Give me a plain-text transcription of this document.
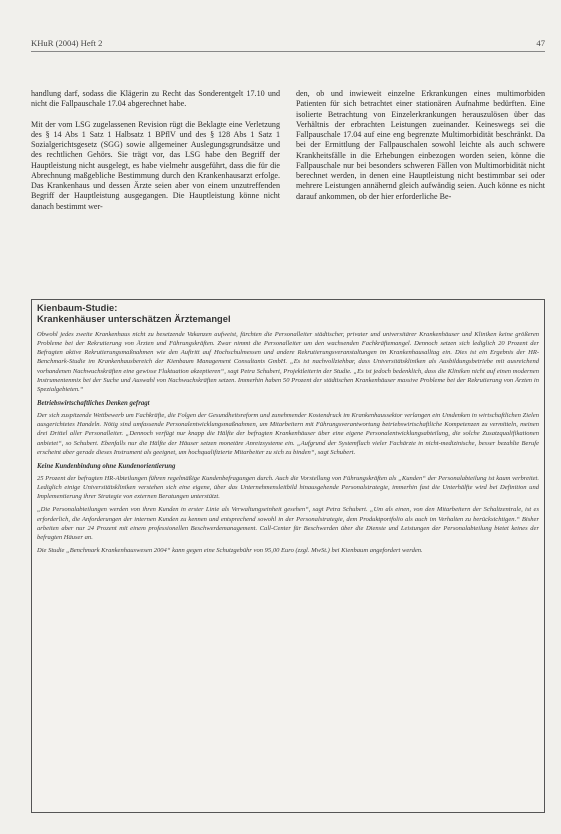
KHuR (2004) Heft 2	47

handlung darf, sodass die Klägerin zu Recht das Sonderentgelt 17.10 und nicht die Fallpauschale 17.04 abgerechnet habe.

Mit der vom LSG zugelassenen Revision rügt die Beklagte eine Verletzung des § 14 Abs 1 Satz 1 Halbsatz 1 BPflV und des § 128 Abs 1 Satz 1 Sozialgerichtsgesetz (SGG) sowie allgemeiner Auslegungsgrundsätze und des rechtlichen Gehörs. Sie trägt vor, das LSG habe den Begriff der Hauptleistung nicht ausgelegt, es habe vielmehr ausgeführt, dass die für die Abrechnung maßgebliche Bestimmung durch den Krankenhausarzt erfolge. Das Krankenhaus und dessen Ärzte seien aber von einem unzutreffenden Begriff der Hauptleistung ausgegangen. Die Hauptleistung könne nicht danach bestimmt wer-

den, ob und inwieweit einzelne Erkrankungen eines multimorbiden Patienten für sich betrachtet einer stationären Aufnahme bedürften. Eine isolierte Betrachtung von Einzelerkrankungen herauszulösen über das Verhältnis der erbrachten Leistungen zueinander. Keineswegs sei die Fallpauschale 17.04 auf eine eng begrenzte Multimorbidität beschränkt. Da bei der Ermittlung der Fallpauschalen sowohl leichte als auch schwere Krankheitsfälle in die Erhebungen einbezogen worden seien, könne die Fallpauschale nur bei besonders schweren Fällen von Multimorbidität nicht berechnet werden, in denen eine Hauptleistung nicht bestimmbar sei oder mehrere Leistungen annähernd gleich aufwändig seien. Auch könne es nicht darauf ankommen, ob der hier erforderliche Be-

Kienbaum-Studie:
Krankenhäuser unterschätzen Ärztemangel

Obwohl jedes zweite Krankenhaus nicht zu besetzende Vakanzen aufweist, fürchten die Personalleiter städtischer, privater und universitärer Krankenhäuser und Kliniken keine größeren Probleme bei der Rekrutierung von Ärzten und Führungskräften. Zwar nimmt die Personalleiter um den wachsenden Fachkräftemangel. Dennoch setzen sich lediglich 20 Prozent der Befragten aktive Rekrutierungsmaßnahmen wie den Auftritt auf Hochschulmessen und andere Rekrutierungsveranstaltungen im Krankenhausalltag ein. Dies ist ein Ergebnis der HR-Benchmark-Studie im Krankenhausbereich der Kienbaum Management Consultants GmbH. „Es ist nachvollziehbar, dass Universitätskliniken als Ausbildungsbetriebe mit ausreichend vorhandenen Nachwuchskräften eine gewisse Fluktuation akzeptieren“, sagt Petra Schubert, Projektleiterin der Studie. „Es ist jedoch bedenklich, dass die Kliniken nicht auf einen modernen Instrumentenmix bei der Suche und Auswahl von Nachwuchskräften setzen. Immerhin haben 50 Prozent der städtischen Krankenhäuser massive Probleme bei der Rekrutierung von Ärzten in Spezialgebieten.“

Betriebswirtschaftliches Denken gefragt

Der sich zuspitzende Wettbewerb um Fachkräfte, die Folgen der Gesundheitsreform und zunehmender Kostendruck im Krankenhaussektor verlangen ein Umdenken in wirtschaftlichen Zielen ausgerichtetes Handeln. Nötig sind umfassende Personalentwicklungsmaßnahmen, um Mitarbeitern mit Führungsverantwortung betriebswirtschaftliche Kompetenzen zu vermitteln, meinen drei Drittel aller Personalleiter. „Dennoch verfügt nur knapp die Hälfte der befragten Krankenhäuser über eine eigene Personalentwicklungsabteilung, die solche Zusatzqualifikationen anbietet“, so Schubert. Ebenfalls nur die Hälfte der Häuser setzen monetäre Anreizsysteme ein. „Aufgrund der Systemfluch vieler Fachärzte in nicht-medizinische, besser bezahlte Berufe erscheint aber gerade dieses Instrument als geeignet, um hochqualifizierte Mitarbeiter zu sich zu binden“, sagt Schubert.

Keine Kundenbindung ohne Kundenorientierung

25 Prozent der befragten HR-Abteilungen führen regelmäßige Kundenbefragungen durch. Auch die Vorstellung von Führungskräften als „Kunden“ der Personalabteilung ist kaum verbreitet. Lediglich einige Universitätskliniken verstehen sich eine eigene, über das Unternehmensleitbild hinausgehende Personalstrategie, immerhin fast die Unterhälfte wird bei Definition und Implementierung ihrer Strategie von externen Beratungen unterstützt.

„Die Personalabteilungen werden von ihren Kunden in erster Linie als Verwaltungseinheit gesehen“, sagt Petra Schubert. „Um als einen, von den Mitarbeitern der Schaltzentrale, ist es erforderlich, die Anforderungen der internen Kunden zu kennen und entsprechend sowohl in der Personalstrategie, dem Produktportfolio als auch im Verhalten zu berücksichtigen.“ Bisher arbeiten aber nur 24 Prozent mit einem professionellen Beschwerdemanagement. Call-Center für Beschwerden über die Dienste und Leistungen der Personalabteilung bietet keines der befragten Häuser an.

Die Studie „Benchmark Krankenhauswesen 2004“ kann gegen eine Schutzgebühr von 95,00 Euro (zzgl. MwSt.) bei Kienbaum angefordert werden.
